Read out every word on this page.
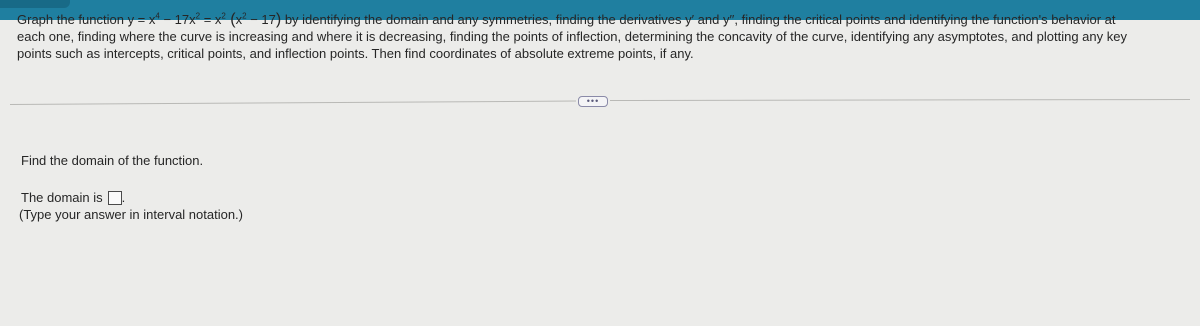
Graph the function $y = x^4 - 17x^2 = x^2$ $(x^2 - 17)$ by identifying the domain and any symmetries, finding the derivatives y′ and y′′, finding the critical points and identifying the function's behavior at

each one, finding where the curve is increasing and where it is decreasing, finding the points of inflection, determining the concavity of the curve, identifying any asymptotes, and plotting any key

points such as intercepts, critical points, and inflection points. Then find coordinates of absolute extreme points, if any.

•••
Find the domain of the function.
The domain is .
(Type your answer in interval notation.)
